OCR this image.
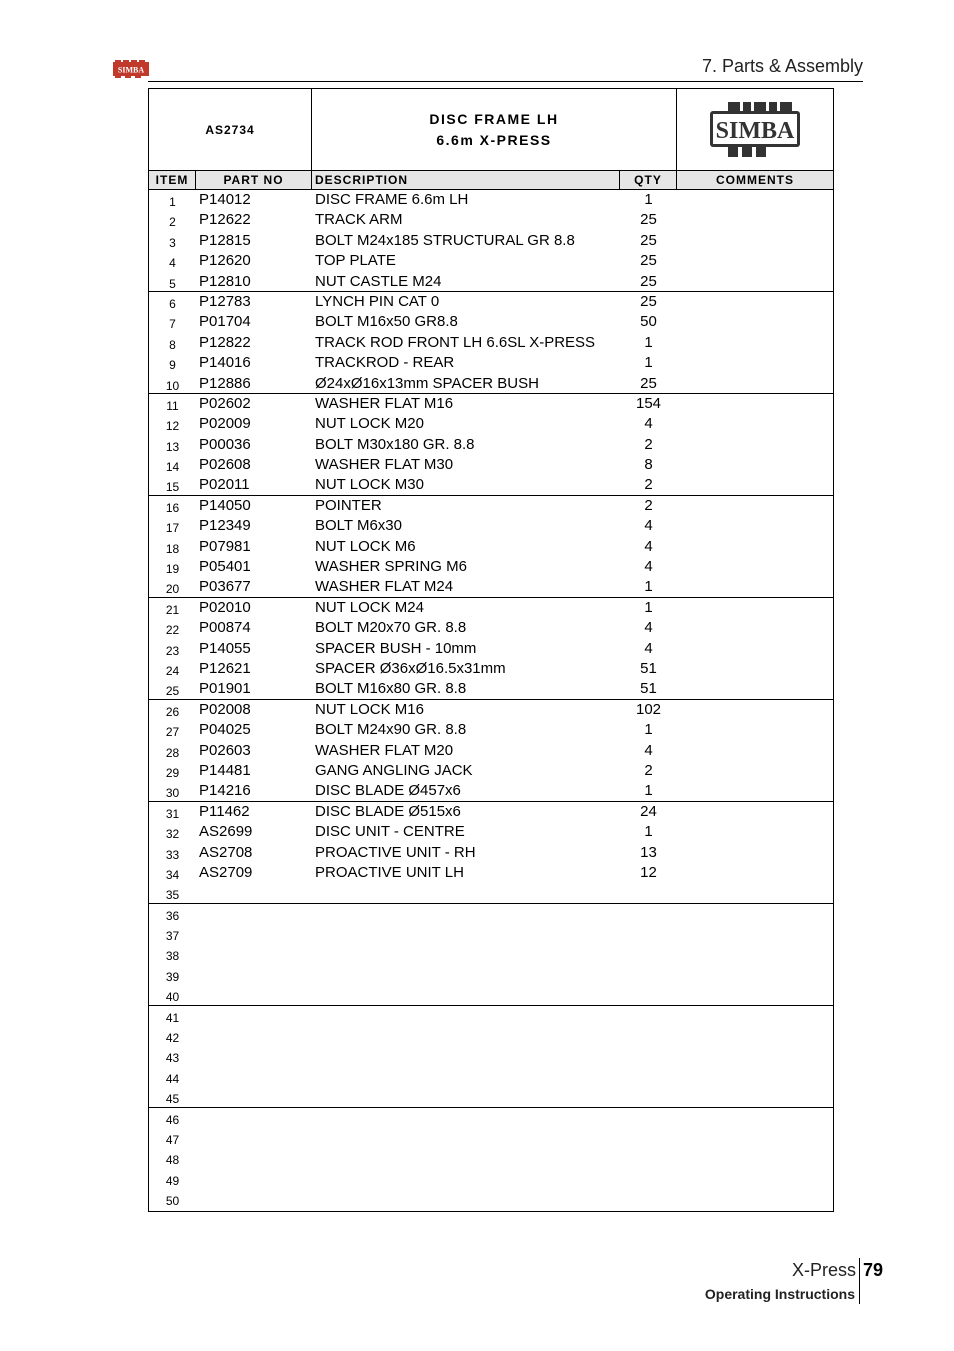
SIMBA	7. Parts & Assembly
AS2734
DISC FRAME LH
6.6m X-PRESS	SIMBA
ITEM	PART NO	DESCRIPTION	QTY	COMMENTS
1	P14012	DISC FRAME 6.6m LH	1
2	P12622	TRACK ARM	25
3	P12815	BOLT M24x185 STRUCTURAL GR 8.8	25
4	P12620	TOP PLATE	25
5	P12810	NUT CASTLE M24	25
6	P12783	LYNCH PIN CAT 0	25
7	P01704	BOLT M16x50 GR8.8	50
8	P12822	TRACK ROD FRONT LH 6.6SL X-PRESS	1
9	P14016	TRACKROD - REAR	1
10	P12886	Ø24xØ16x13mm SPACER BUSH	25
11	P02602	WASHER FLAT M16	154
12	P02009	NUT LOCK M20	4
13	P00036	BOLT M30x180 GR. 8.8	2
14	P02608	WASHER FLAT M30	8
15	P02011	NUT LOCK M30	2
16	P14050	POINTER	2
17	P12349	BOLT M6x30	4
18	P07981	NUT LOCK M6	4
19	P05401	WASHER SPRING M6	4
20	P03677	WASHER FLAT M24	1
21	P02010	NUT LOCK M24	1
22	P00874	BOLT M20x70 GR. 8.8	4
23	P14055	SPACER BUSH - 10mm	4
24	P12621	SPACER Ø36xØ16.5x31mm	51
25	P01901	BOLT M16x80 GR. 8.8	51
26	P02008	NUT LOCK M16	102
27	P04025	BOLT M24x90 GR. 8.8	1
28	P02603	WASHER FLAT M20	4
29	P14481	GANG ANGLING JACK	2
30	P14216	DISC BLADE Ø457x6	1
31	P11462	DISC BLADE Ø515x6	24
32	AS2699	DISC UNIT - CENTRE	1
33	AS2708	PROACTIVE UNIT - RH	13
34	AS2709	PROACTIVE UNIT LH	12
35
36
37
38
39
40
41
42
43
44
45
46
47
48
49
50
X-Press 79
Operating Instructions
